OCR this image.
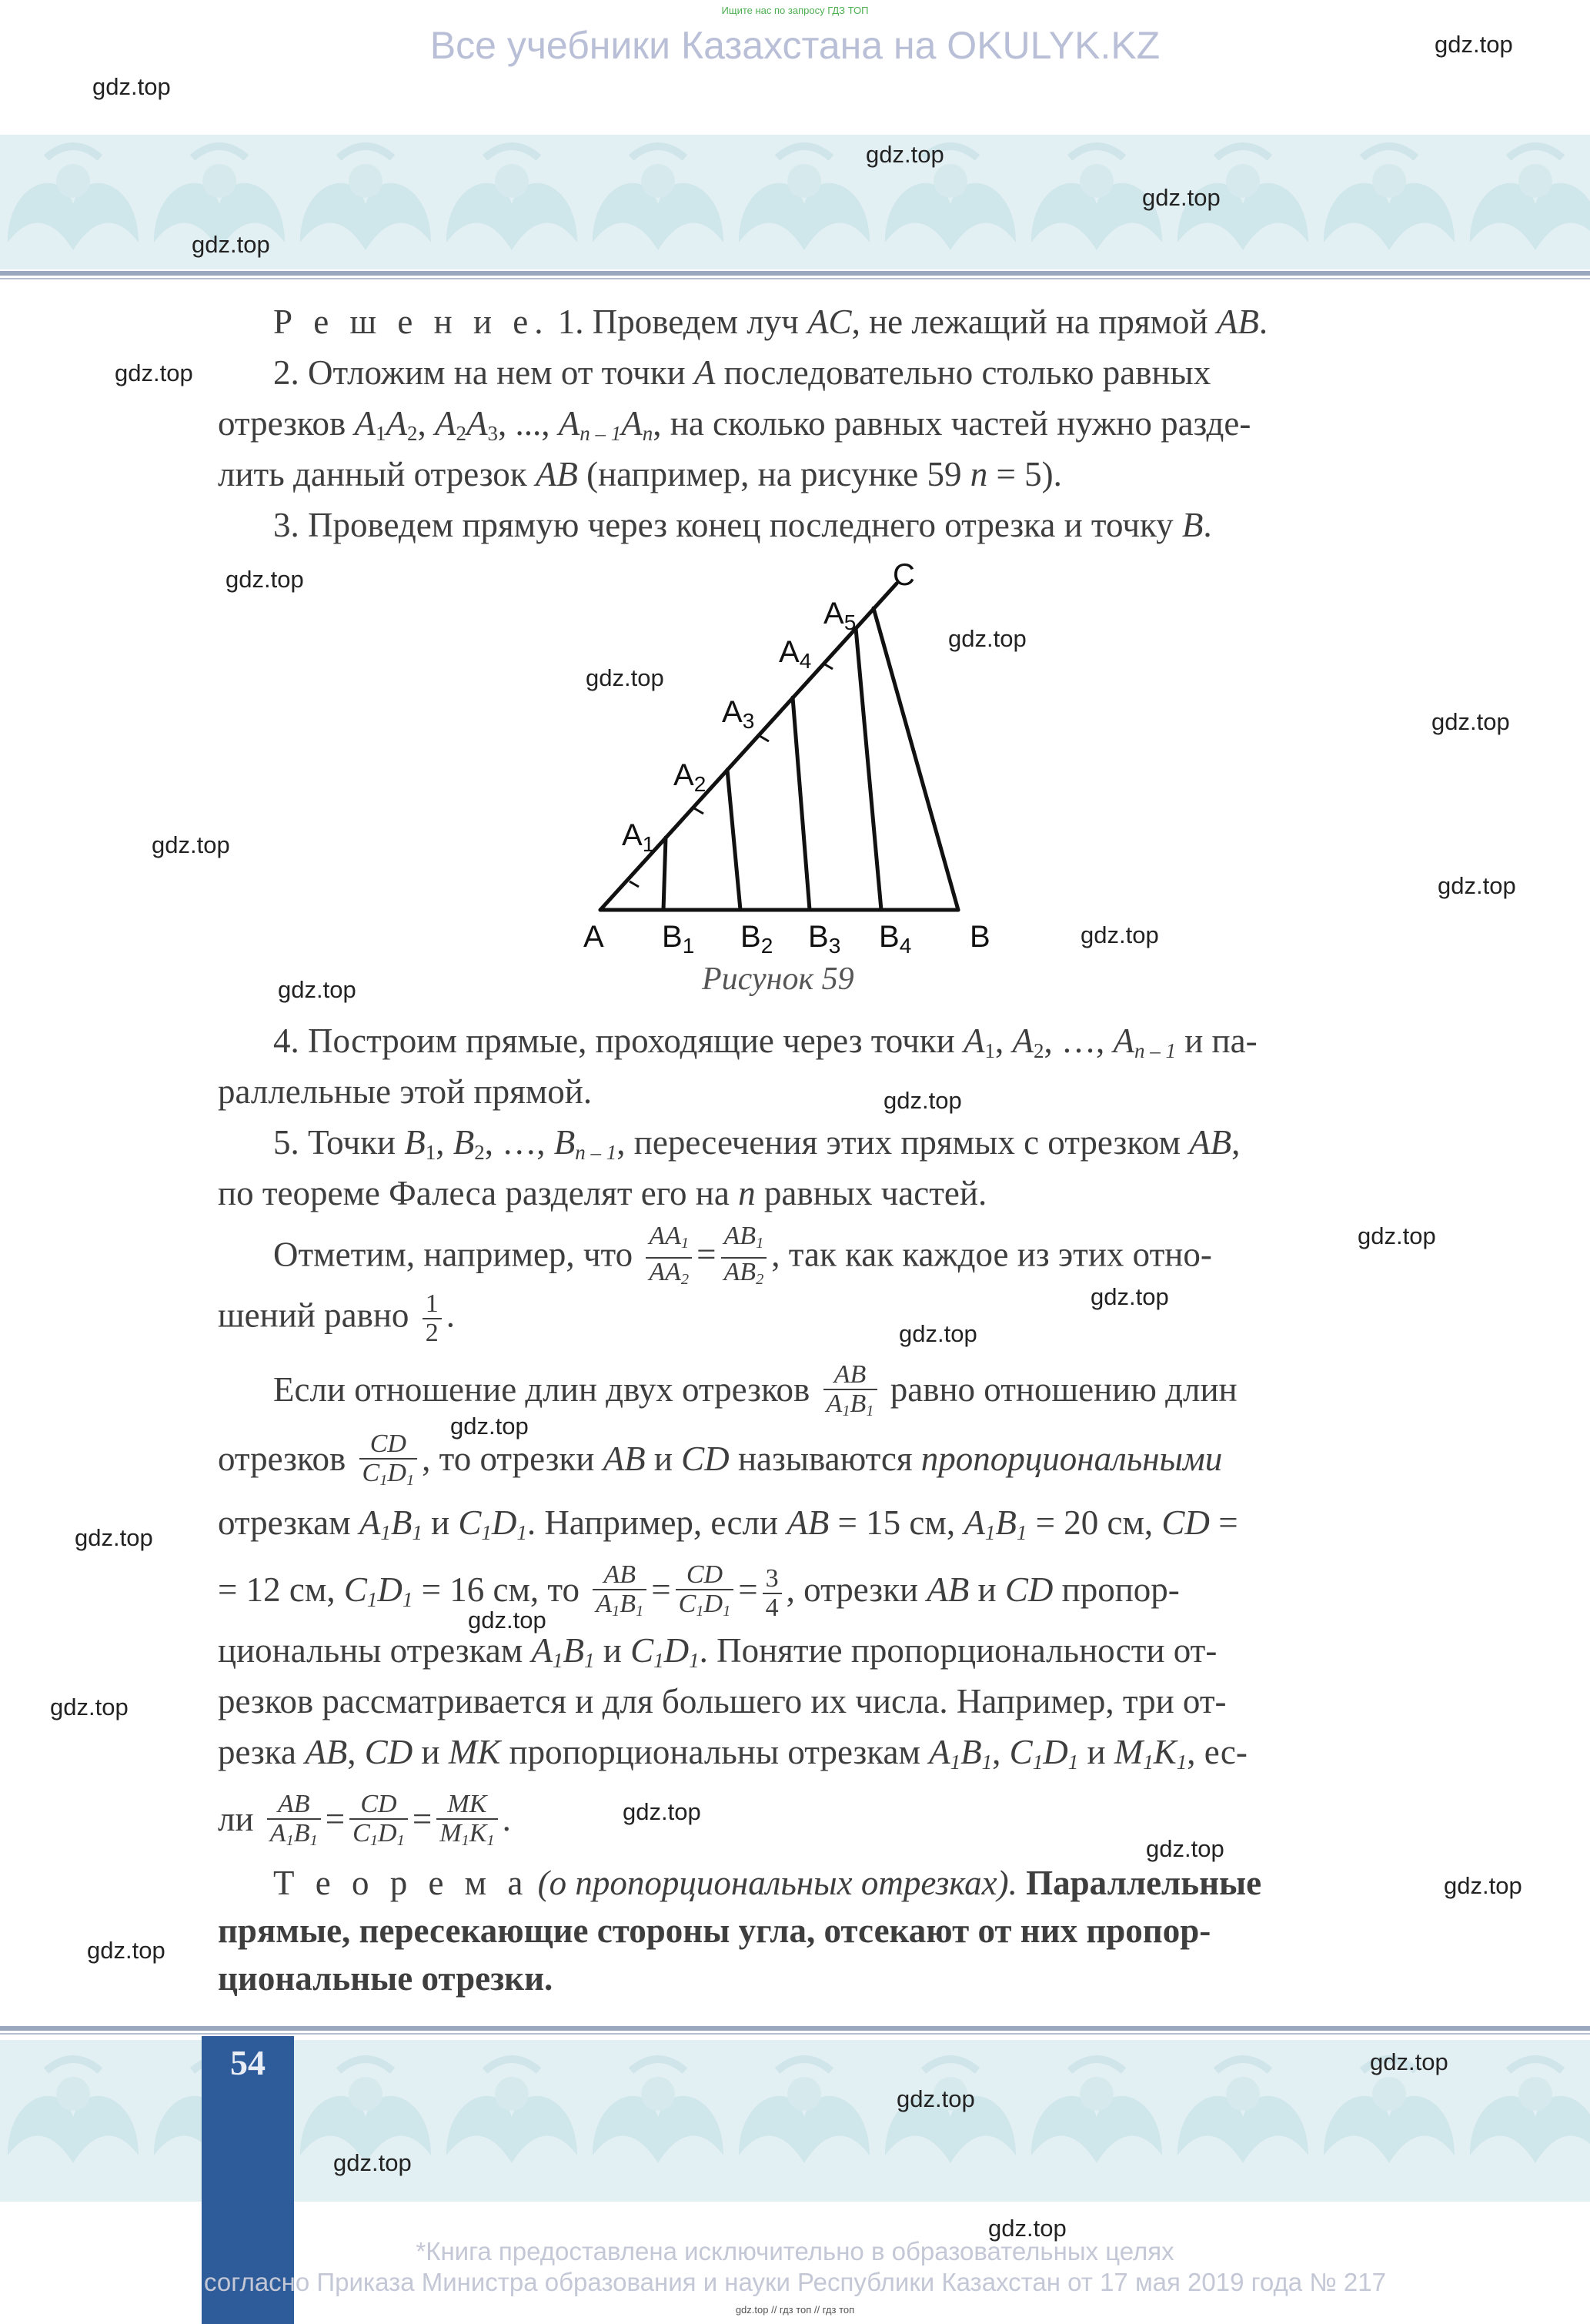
Ищите нас по запросу ГДЗ ТОП
Все учебники Казахстана на OKULYK.KZ
Р е ш е н и е. 1. Проведем луч AC, не лежащий на прямой AB.
2. Отложим на нем от точки A последовательно столько равных
отрезков $A_1A_2$, $A_2A_3$, ..., $A_{n - 1}A_n$, на сколько равных частей нужно разде-
лить данный отрезок AB (например, на рисунке 59 n = 5).
3. Проведем прямую через конец последнего отрезка и точку B.
A $B_1$ $B_2$ $B_3$ $B_4$ B
$A_1$
$A_2$
$A_3$
$A_4$
$A_5$
C
Рисунок 59
4. Построим прямые, проходящие через точки $A_1$, $A_2$, …, $A_{n - 1}$ и па-
раллельные этой прямой.
5. Точки $B_1$, $B_2$, …, $B_{n - 1}$, пересечения этих прямых с отрезком AB,
по теореме Фалеса разделят его на n равных частей.
Отметим, например, что $\frac{AA_1}{AA_2} = \frac{AB_1}{AB_2}$ , так как каждое из этих отно-
шений равно $\frac{1}{2}$ .
Если отношение длин двух отрезков $\frac{AB}{A_1B_1}$ равно отношению длин
отрезков $\frac{CD}{C_1D_1}$ , то отрезки AB и CD называются пропорциональными
отрезкам $A_1B_1$ и $C_1D_1$. Например, если AB = 15 см, $A_1B_1 = 20$ см, CD =
= 12 см, $C_1D_1 = 16$ см, то $\frac{AB}{A_1B_1} = \frac{CD}{C_1D_1} = \frac{3}{4}$ , отрезки AB и CD пропор-
циональны отрезкам $A_1B_1$ и $C_1D_1$. Понятие пропорциональности от-
резков рассматривается и для большего их числа. Например, три от-
резка AB, CD и MK пропорциональны отрезкам $A_1B_1$, $C_1D_1$ и $M_1K_1$, ес-
ли $\frac{AB}{A_1B_1} = \frac{CD}{C_1D_1} = \frac{MK}{M_1K_1}$ .
Т е о р е м а (о пропорциональных отрезках). Параллельные
прямые, пересекающие стороны угла, отсекают от них пропор-
циональные отрезки.
54
*Книга предоставлена исключительно в образовательных целях
согласно Приказа Министра образования и науки Республики Казахстан от 17 мая 2019 года № 217
gdz.top // гдз топ // гдз топ
gdz.top
gdz.top
gdz.top
gdz.top
gdz.top
gdz.top
gdz.top
gdz.top
gdz.top
gdz.top
gdz.top
gdz.top
gdz.top
gdz.top
gdz.top
gdz.top
gdz.top
gdz.top
gdz.top
gdz.top
gdz.top
gdz.top
gdz.top
gdz.top
gdz.top
gdz.top
gdz.top
gdz.top
gdz.top
gdz.top
